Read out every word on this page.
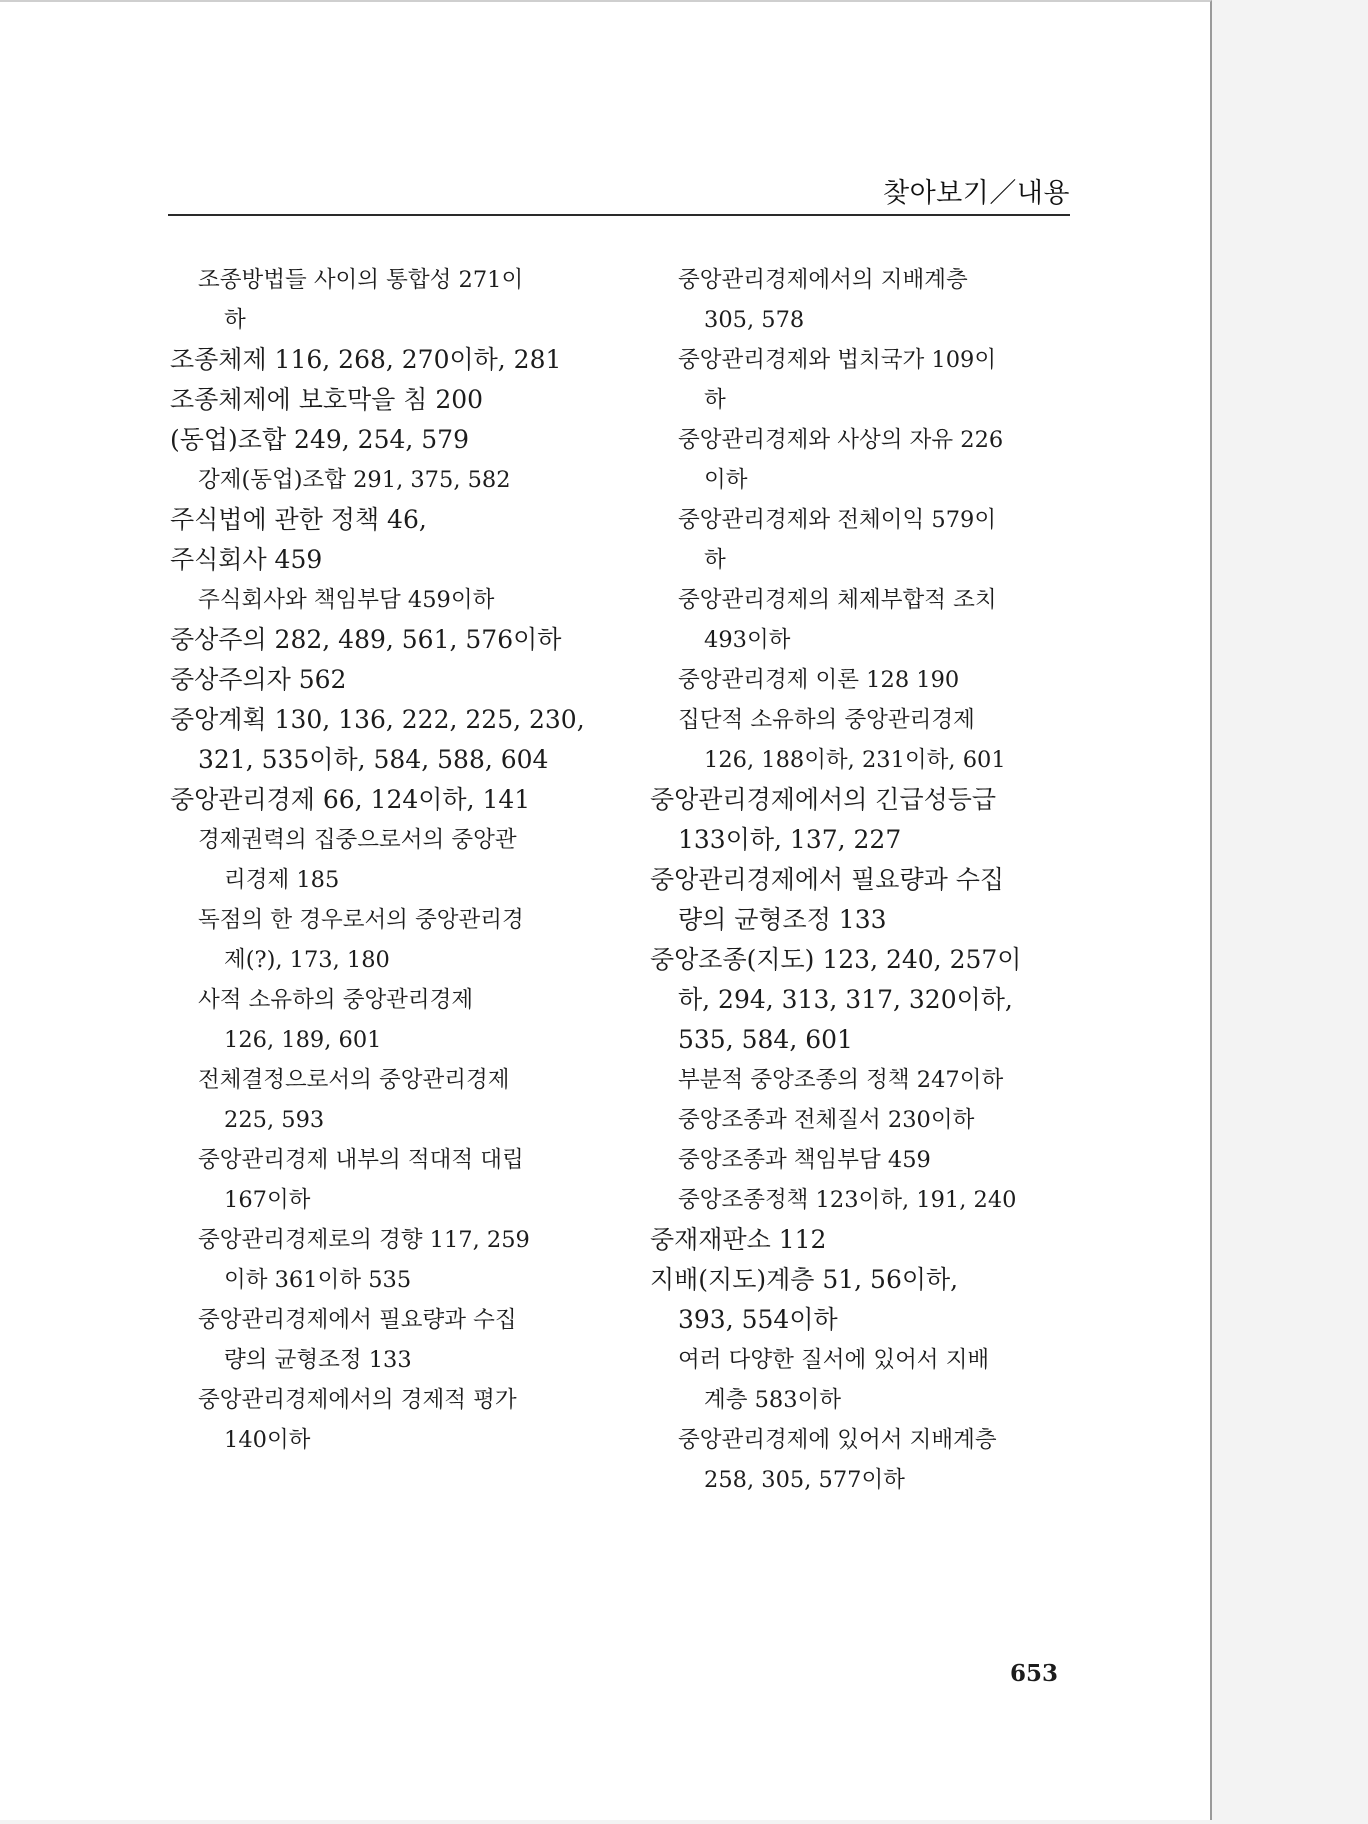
찾아보기／내용
조종방법들 사이의 통합성 271이
하
조종체제 116, 268, 270이하, 281
조종체제에 보호막을 침 200
(동업)조합 249, 254, 579
강제(동업)조합 291, 375, 582
주식법에 관한 정책 46,
주식회사 459
주식회사와 책임부담 459이하
중상주의 282, 489, 561, 576이하
중상주의자 562
중앙계획 130, 136, 222, 225, 230,
321, 535이하, 584, 588, 604
중앙관리경제 66, 124이하, 141
경제권력의 집중으로서의 중앙관
리경제 185
독점의 한 경우로서의 중앙관리경
제(?), 173, 180
사적 소유하의 중앙관리경제
126, 189, 601
전체결정으로서의 중앙관리경제
225, 593
중앙관리경제 내부의 적대적 대립
167이하
중앙관리경제로의 경향 117, 259
이하 361이하 535
중앙관리경제에서 필요량과 수집
량의 균형조정 133
중앙관리경제에서의 경제적 평가
140이하
중앙관리경제에서의 지배계층
305, 578
중앙관리경제와 법치국가 109이
하
중앙관리경제와 사상의 자유 226
이하
중앙관리경제와 전체이익 579이
하
중앙관리경제의 체제부합적 조치
493이하
중앙관리경제 이론 128 190
집단적 소유하의 중앙관리경제
126, 188이하, 231이하, 601
중앙관리경제에서의 긴급성등급
133이하, 137, 227
중앙관리경제에서 필요량과 수집
량의 균형조정 133
중앙조종(지도) 123, 240, 257이
하, 294, 313, 317, 320이하,
535, 584, 601
부분적 중앙조종의 정책 247이하
중앙조종과 전체질서 230이하
중앙조종과 책임부담 459
중앙조종정책 123이하, 191, 240
중재재판소 112
지배(지도)계층 51, 56이하,
393, 554이하
여러 다양한 질서에 있어서 지배
계층 583이하
중앙관리경제에 있어서 지배계층
258, 305, 577이하
653
